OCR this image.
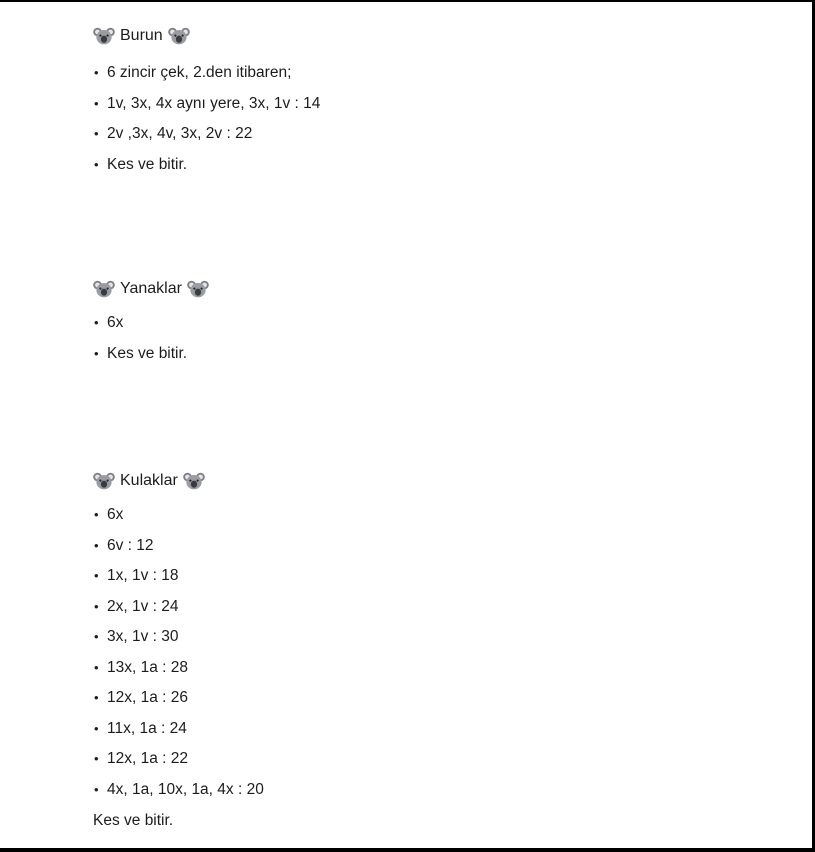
Burun
• 6 zincir çek, 2.den itibaren;
• 1v, 3x, 4x aynı yere, 3x, 1v : 14
• 2v ,3x, 4v, 3x, 2v : 22
• Kes ve bitir.
Yanaklar
• 6x
• Kes ve bitir.
Kulaklar
• 6x
• 6v : 12
• 1x, 1v : 18
• 2x, 1v : 24
• 3x, 1v : 30
• 13x, 1a : 28
• 12x, 1a : 26
• 11x, 1a : 24
• 12x, 1a : 22
• 4x, 1a, 10x, 1a, 4x : 20
Kes ve bitir.
